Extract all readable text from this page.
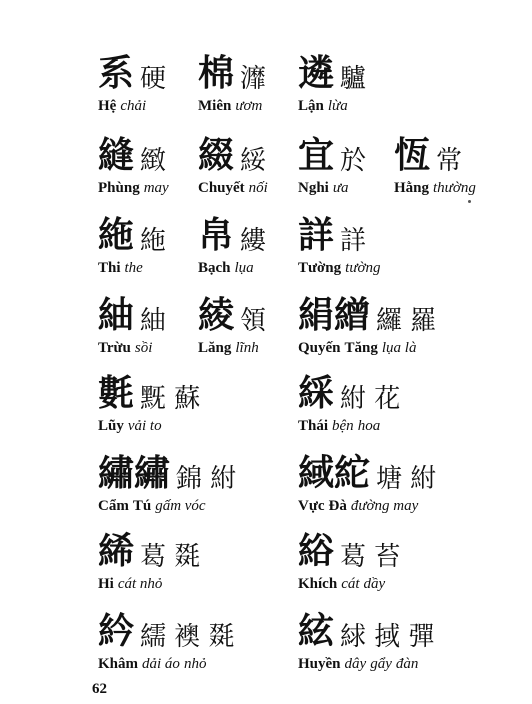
系 硬
Hệ chải
棉 灖
Miên ươm
遴 驢
Lận lừa
縫 緻
Phùng may
綴 綏
Chuyết nối
宜 於
Nghi ưa
恆 常
Hằng thường
絁 絁
Thi the
帛 縷
Bạch lụa
詳 詳
Tường tường
紬 紬
Trừu sồi
綾 領
Lăng lĩnh
絹繒 纙 羅
Quyến Tăng lụa là
氀 黖 蘇
Lũy vải to
綵 紨 花
Thái bện hoa
繡繡 錦 紨
Cẩm Tú gấm vóc
緎紽 塘 紨
Vực Đà đường may
絺 葛 毲
Hi cát nhỏ
綌 葛 苔
Khích cát dầy
紟 繻 襖 毲
Khâm dải áo nhỏ
絃 絿 掝 彈
Huyền dây gẩy đàn
62
